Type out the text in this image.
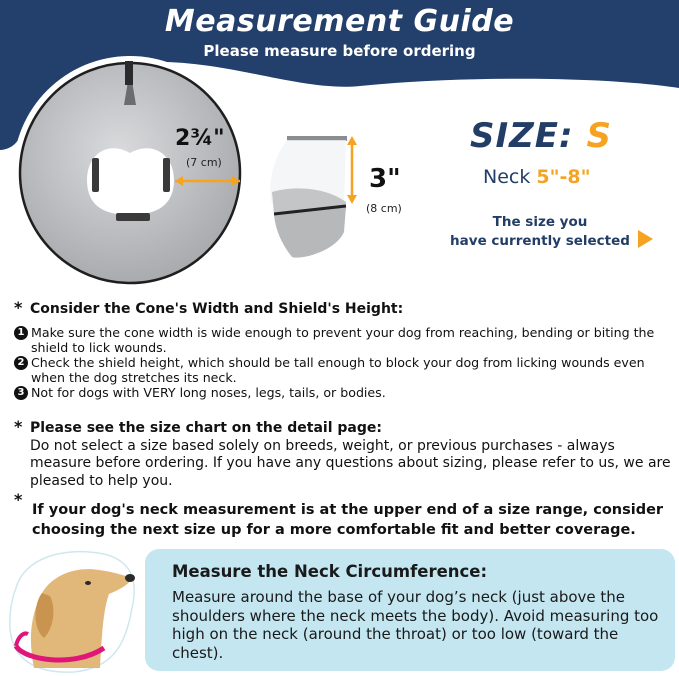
Measurement Guide
Please measure before ordering
2¾"
(7 cm)
3"
(8 cm)
SIZE: S
Neck 5"-8"
The size you
have currently selected
* Consider the Cone's Width and Shield's Height:
1 Make sure the cone width is wide enough to prevent your dog from reaching, bending or biting the shield to lick wounds.
2 Check the shield height, which should be tall enough to block your dog from licking wounds even when the dog stretches its neck.
3 Not for dogs with VERY long noses, legs, tails, or bodies.
* Please see the size chart on the detail page:
Do not select a size based solely on breeds, weight, or previous purchases - always measure before ordering. If you have any questions about sizing, please refer to us, we are pleased to help you.
*
If your dog's neck measurement is at the upper end of a size range, consider
choosing the next size up for a more comfortable fit and better coverage.
Measure the Neck Circumference:
Measure around the base of your dog’s neck (just above the shoulders where the neck meets the body). Avoid measuring too high on the neck (around the throat) or too low (toward the chest).
